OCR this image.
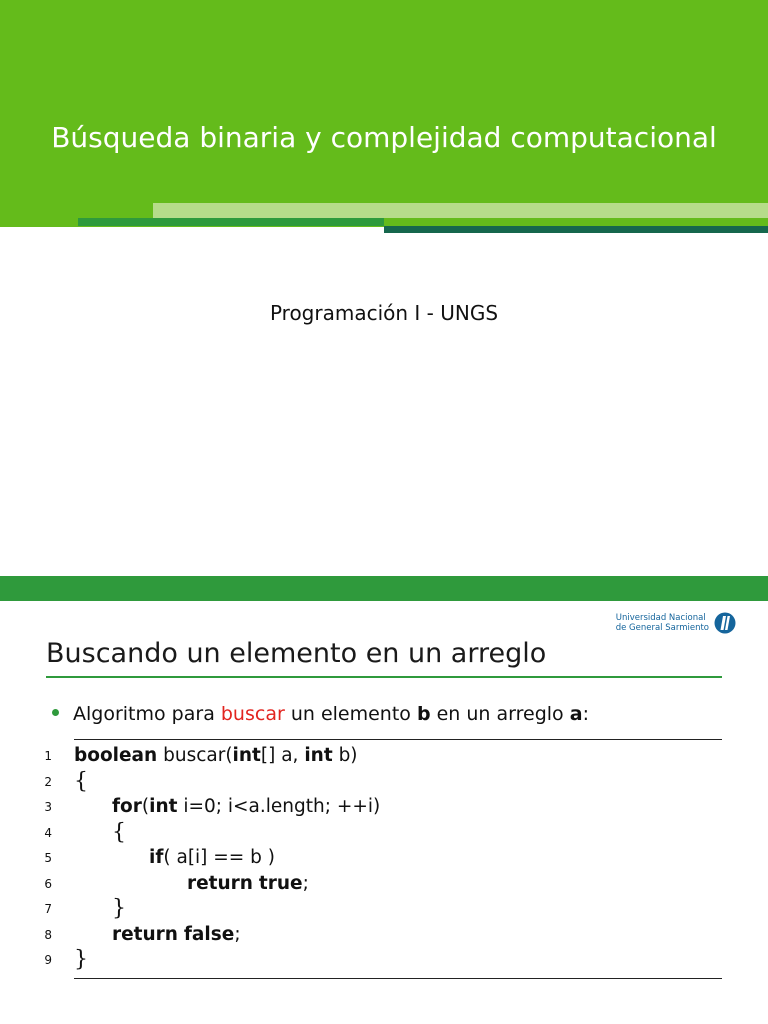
Búsqueda binaria y complejidad computacional
Programación I - UNGS
Universidad Nacional
de General Sarmiento
Buscando un elemento en un arreglo
Algoritmo para buscar un elemento b en un arreglo a:
1 boolean buscar(int[] a, int b)
2 {
3	for(int i=0; i<a.length; ++i)
4	{
5	if( a[i] == b )
6	return true;
7	}
8	return false;
9 }
